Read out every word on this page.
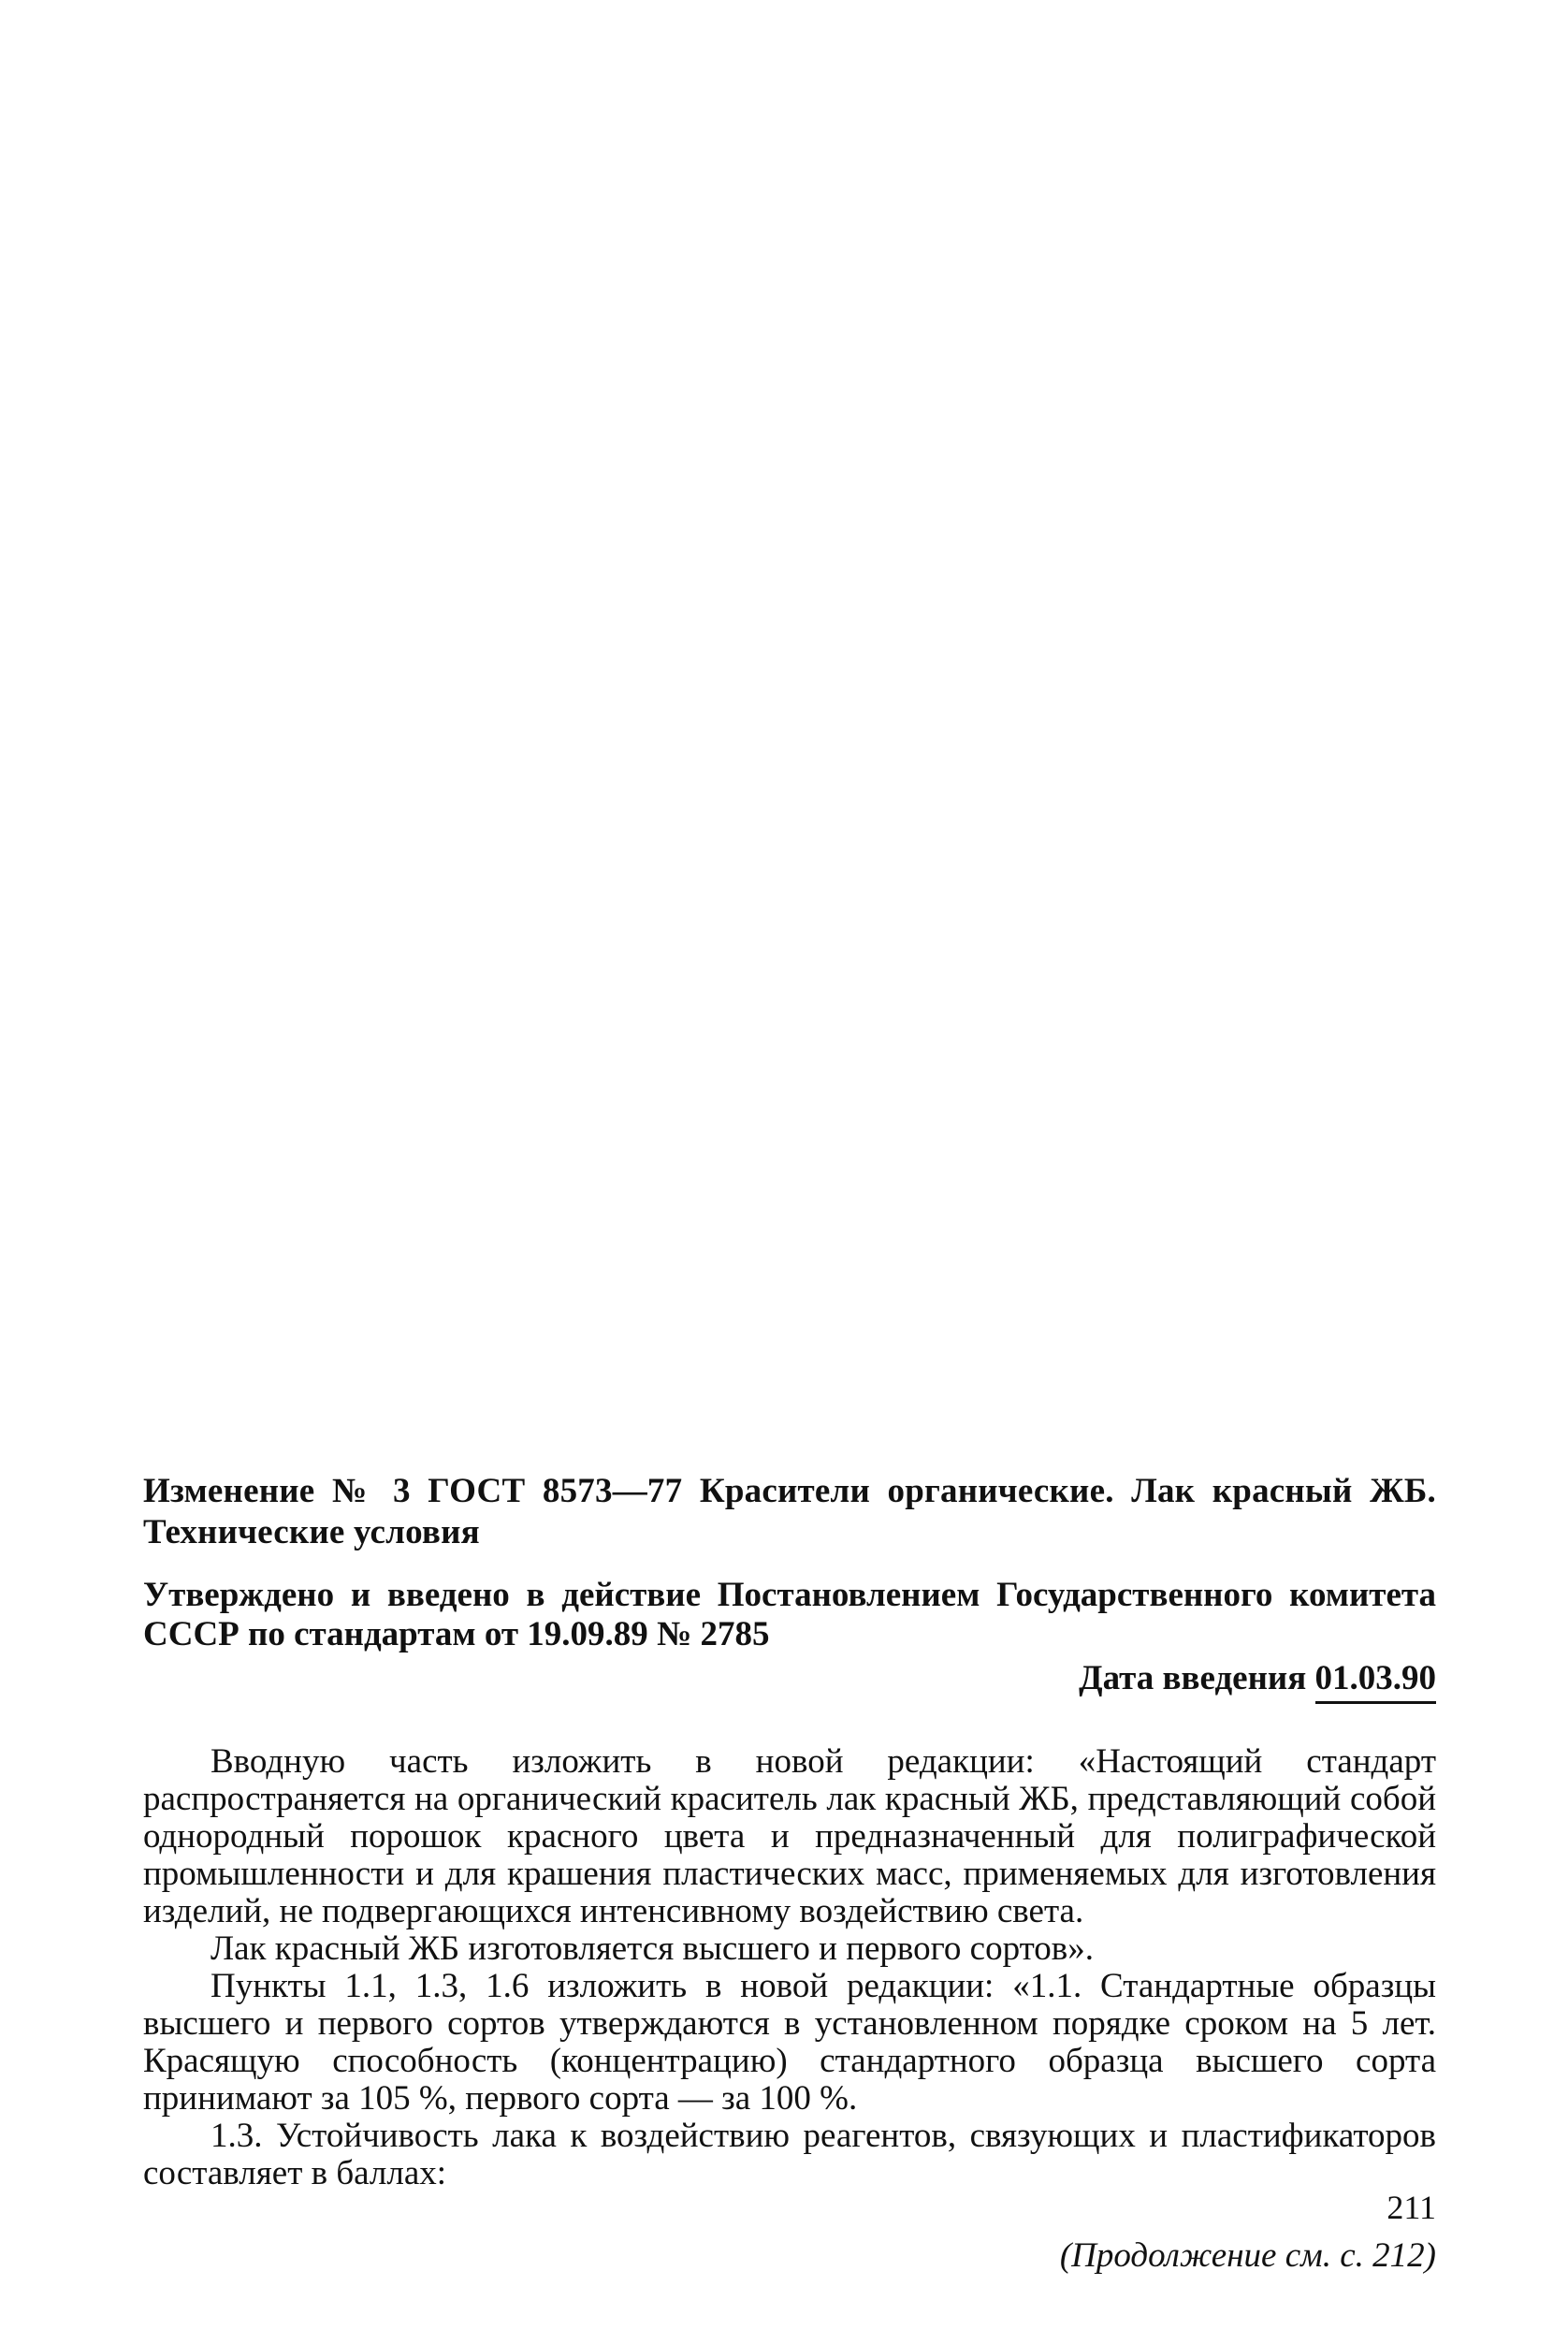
Изменение № 3 ГОСТ 8573—77 Красители органические. Лак красный ЖБ. Технические условия

Утверждено и введено в действие Постановлением Государственного комитета СССР по стандартам от 19.09.89 № 2785

Дата введения 01.03.90

Вводную часть изложить в новой редакции: «Настоящий стандарт распространяется на органический краситель лак красный ЖБ, представляющий собой однородный порошок красного цвета и предназначенный для полиграфической промышленности и для крашения пластических масс, применяемых для изготовления изделий, не подвергающихся интенсивному воздействию света.

Лак красный ЖБ изготовляется высшего и первого сортов».

Пункты 1.1, 1.3, 1.6 изложить в новой редакции: «1.1. Стандартные образцы высшего и первого сортов утверждаются в установленном порядке сроком на 5 лет. Красящую способность (концентрацию) стандартного образца высшего сорта принимают за 105 %, первого сорта — за 100 %.

1.3. Устойчивость лака к воздействию реагентов, связующих и пластификаторов составляет в баллах:

(Продолжение см. с. 212)
211
